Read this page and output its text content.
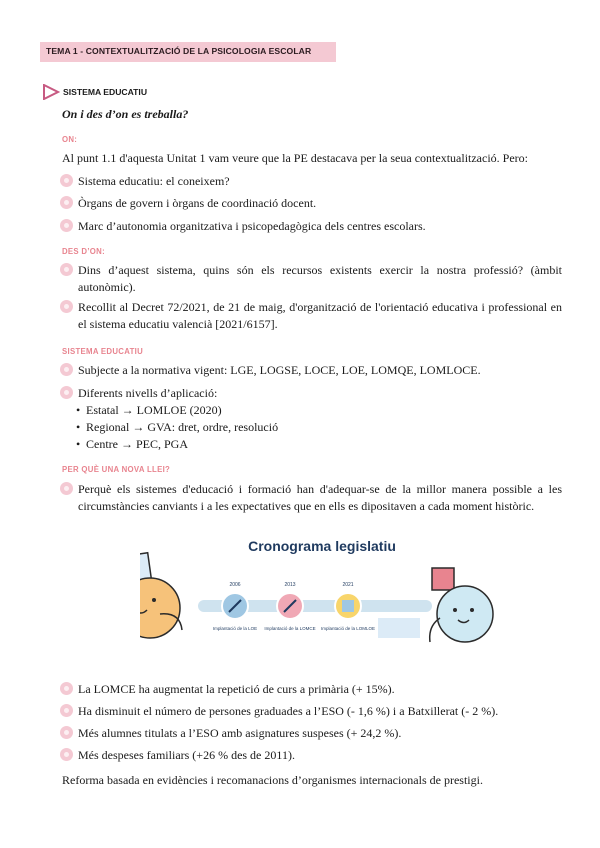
TEMA 1 - CONTEXTUALITZACIÓ DE LA PSICOLOGIA ESCOLAR
SISTEMA EDUCATIU
On i des d’on es treballa?
ON:
Al punt 1.1 d'aquesta Unitat 1 vam veure que la PE destacava per la seua contextualització. Pero:
Sistema educatiu: el coneixem?
Òrgans de govern i òrgans de coordinació docent.
Marc d’autonomia organitzativa i psicopedagògica dels centres escolars.
DES D’ON:
Dins d’aquest sistema, quins són els recursos existents exercir la nostra professió? (àmbit autonòmic).
Recollit al Decret 72/2021, de 21 de maig, d'organització de l'orientació educativa i professional en el sistema educatiu valencià [2021/6157].
SISTEMA EDUCATIU
Subjecte a la normativa vigent: LGE, LOGSE, LOCE, LOE, LOMQE, LOMLOCE.
Diferents nivells d’aplicació:
• Estatal → LOMLOE (2020)
• Regional → GVA: dret, ordre, resolució
• Centre → PEC, PGA
PER QUÈ UNA NOVA LLEI?
Perquè els sistemes d'educació i formació han d'adequar-se de la millor manera possible a les circumstàncies canviants i a les expectatives que en ells es dipositaven a cada moment històric.
Cronograma legislatiu
2006	2013	2021
Implantació de la LOE Implantació de la LOMCE Implantació de la LOMLOE
La LOMCE ha augmentat la repetició de curs a primària (+ 15%).
Ha disminuit el número de persones graduades a l’ESO (- 1,6 %) i a Batxillerat (- 2 %).
Més alumnes titulats a l’ESO amb asignatures suspeses (+ 24,2 %).
Més despeses familiars (+26 % des de 2011).
Reforma basada en evidències i recomanacions d’organismes internacionals de prestigi.
